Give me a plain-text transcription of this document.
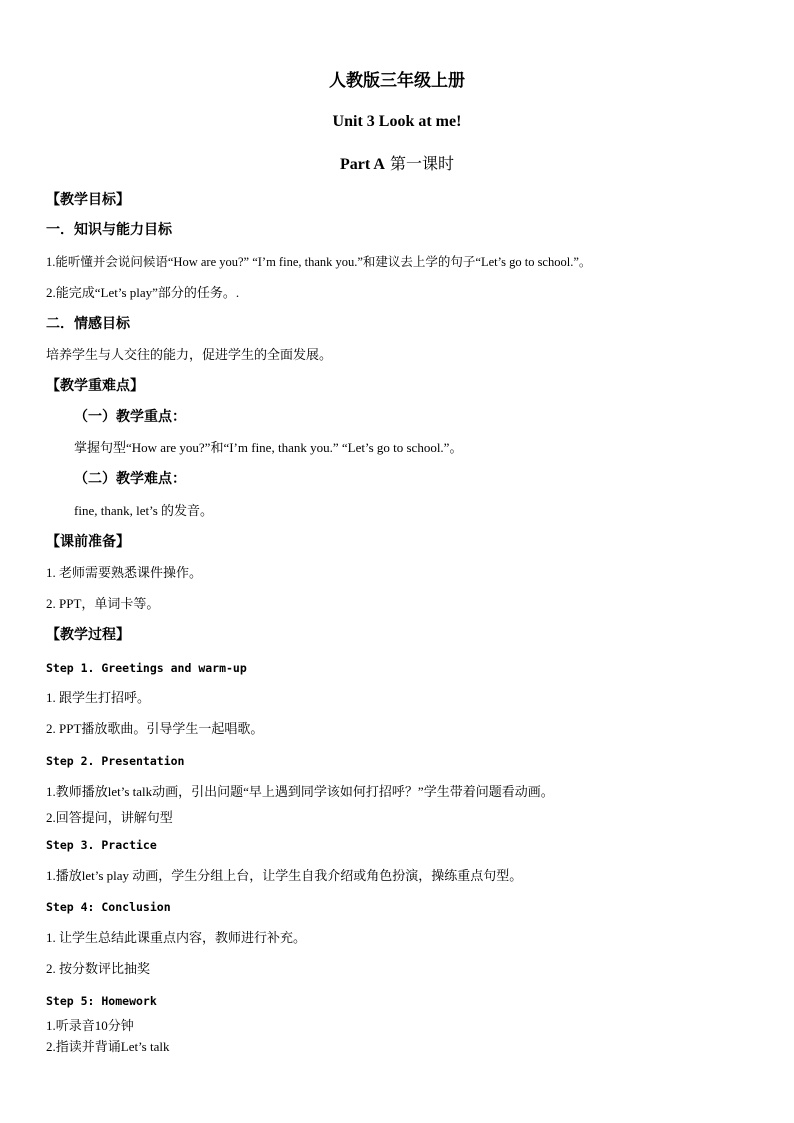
人教版三年级上册
Unit 3 Look at me!
Part A 第一课时
【教学目标】
一．知识与能力目标
1.能听懂并会说问候语“How are you?” “I’m fine, thank you.”和建议去上学的句子“Let’s go to school.”。
2.能完成“Let’s play”部分的任务。.
二．情感目标
培养学生与人交往的能力，促进学生的全面发展。
【教学重难点】
（一）教学重点：
掌握句型“How are you?”和“I’m fine, thank you.” “Let’s go to school.”。
（二）教学难点：
fine, thank, let’s 的发音。
【课前准备】
1. 老师需要熟悉课件操作。
2. PPT，单词卡等。
【教学过程】
Step 1. Greetings and warm-up
1. 跟学生打招呼。
2. PPT播放歌曲。引导学生一起唱歌。
Step 2. Presentation
1.教师播放let’s talk动画，引出问题“早上遇到同学该如何打招呼？”学生带着问题看动画。
2.回答提问，讲解句型
Step 3. Practice
1.播放let’s play 动画，学生分组上台，让学生自我介绍或角色扮演，操练重点句型。
Step 4: Conclusion
1. 让学生总结此课重点内容，教师进行补充。
2. 按分数评比抽奖
Step 5: Homework
1.听录音10分钟
2.指读并背诵Let’s talk
